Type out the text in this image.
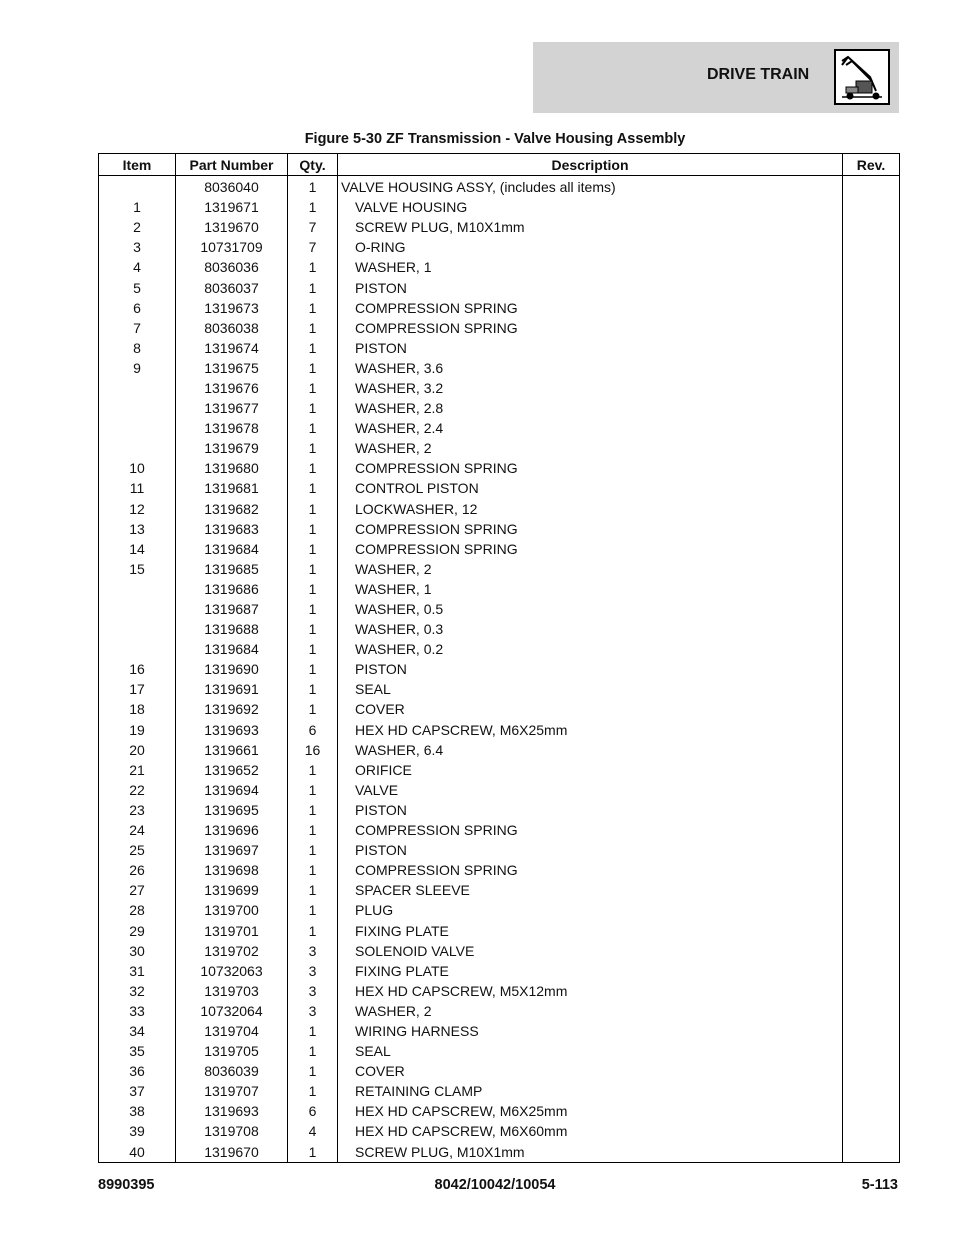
DRIVE TRAIN
Figure 5-30 ZF Transmission - Valve Housing Assembly
Item	Part Number	Qty.	Description	Rev.
	8036040	1	VALVE HOUSING ASSY, (includes all items)	
1	1319671	1	VALVE HOUSING	
2	1319670	7	SCREW PLUG, M10X1mm	
3	10731709	7	O-RING	
4	8036036	1	WASHER, 1	
5	8036037	1	PISTON	
6	1319673	1	COMPRESSION SPRING	
7	8036038	1	COMPRESSION SPRING	
8	1319674	1	PISTON	
9	1319675	1	WASHER, 3.6	
	1319676	1	WASHER, 3.2	
	1319677	1	WASHER, 2.8	
	1319678	1	WASHER, 2.4	
	1319679	1	WASHER, 2	
10	1319680	1	COMPRESSION SPRING	
11	1319681	1	CONTROL PISTON	
12	1319682	1	LOCKWASHER, 12	
13	1319683	1	COMPRESSION SPRING	
14	1319684	1	COMPRESSION SPRING	
15	1319685	1	WASHER, 2	
	1319686	1	WASHER, 1	
	1319687	1	WASHER, 0.5	
	1319688	1	WASHER, 0.3	
	1319684	1	WASHER, 0.2	
16	1319690	1	PISTON	
17	1319691	1	SEAL	
18	1319692	1	COVER	
19	1319693	6	HEX HD CAPSCREW, M6X25mm	
20	1319661	16	WASHER, 6.4	
21	1319652	1	ORIFICE	
22	1319694	1	VALVE	
23	1319695	1	PISTON	
24	1319696	1	COMPRESSION SPRING	
25	1319697	1	PISTON	
26	1319698	1	COMPRESSION SPRING	
27	1319699	1	SPACER SLEEVE	
28	1319700	1	PLUG	
29	1319701	1	FIXING PLATE	
30	1319702	3	SOLENOID VALVE	
31	10732063	3	FIXING PLATE	
32	1319703	3	HEX HD CAPSCREW, M5X12mm	
33	10732064	3	WASHER, 2	
34	1319704	1	WIRING HARNESS	
35	1319705	1	SEAL	
36	8036039	1	COVER	
37	1319707	1	RETAINING CLAMP	
38	1319693	6	HEX HD CAPSCREW, M6X25mm	
39	1319708	4	HEX HD CAPSCREW, M6X60mm	
40	1319670	1	SCREW PLUG, M10X1mm	
8990395	8042/10042/10054	5-113
